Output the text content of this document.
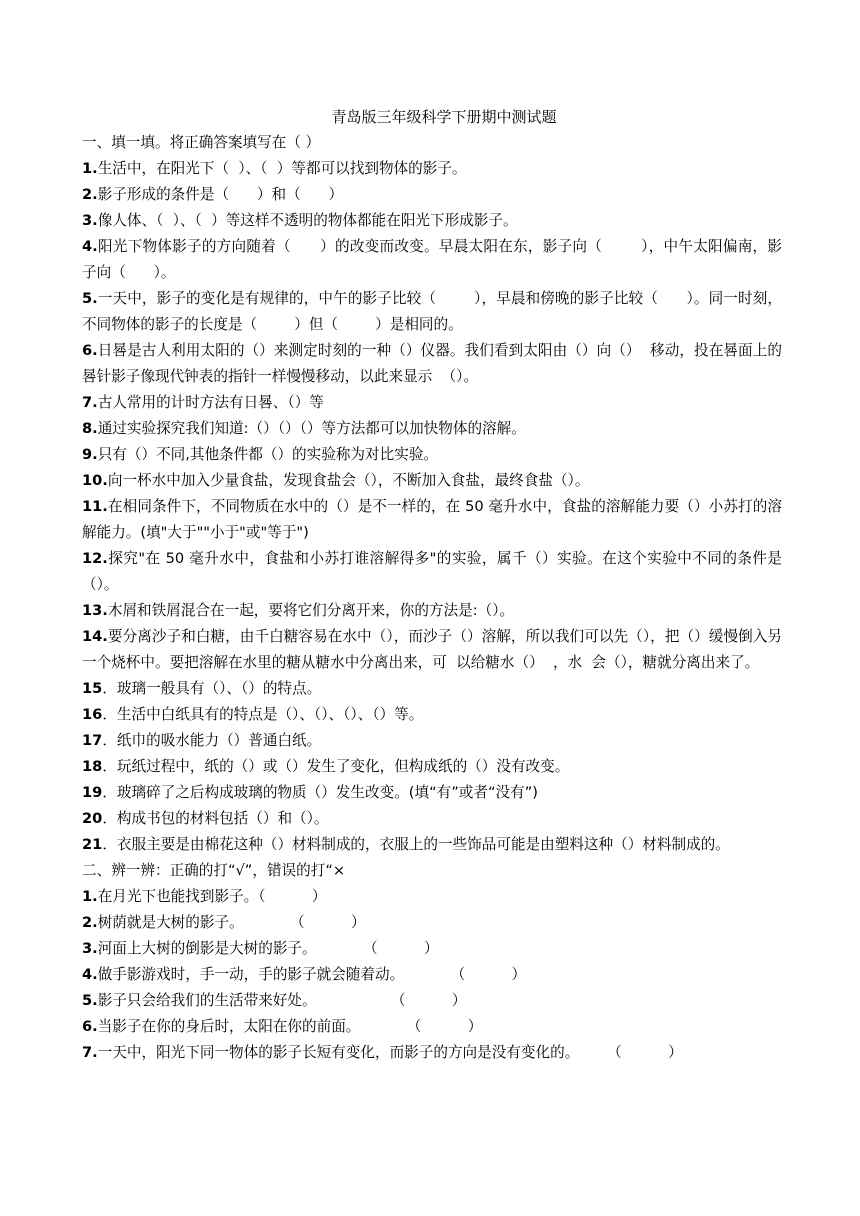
青岛版三年级科学下册期中测试题
一、填一填。将正确答案填写在（ ）
1.生活中，在阳光下（  ）、（  ）等都可以找到物体的影子。
2.影子形成的条件是（      ）和（      ）
3.像人体、（  ）、（  ）等这样不透明的物体都能在阳光下形成影子。
4.阳光下物体影子的方向随着（      ）的改变而改变。早晨太阳在东，影子向（        ），中午太阳偏南，影子向（      ）。
5.一天中，影子的变化是有规律的，中午的影子比较（        ），早晨和傍晚的影子比较（      ）。同一时刻，不同物体的影子的长度是（        ）但（        ）是相同的。
6.日晷是古人利用太阳的（）来测定时刻的一种（）仪器。我们看到太阳由（）向（）  移动，投在晷面上的晷针影子像现代钟表的指针一样慢慢移动，以此来显示  （）。
7.古人常用的计时方法有日晷、（）等
8.通过实验探究我们知道:（）（）（）等方法都可以加快物体的溶解。
9.只有（）不同,其他条件都（）的实验称为对比实验。
10.向一杯水中加入少量食盐，发现食盐会（），不断加入食盐，最终食盐（）。
11.在相同条件下，不同物质在水中的（）是不一样的，在 50 毫升水中，食盐的溶解能力要（）小苏打的溶解能力。(填"大于""小于"或"等于")
12.探究"在 50 毫升水中，食盐和小苏打谁溶解得多"的实验，属千（）实验。在这个实验中不同的条件是（）。
13.木屑和铁屑混合在一起，要将它们分离开来，你的方法是:（）。
14.要分离沙子和白糖，由千白糖容易在水中（），而沙子（）溶解，所以我们可以先（），把（）缓慢倒入另一个烧杯中。要把溶解在水里的糖从糖水中分离出来，可  以给糖水（）  ，水  会（），糖就分离出来了。
15．玻璃一般具有（）、（）的特点。
16．生活中白纸具有的特点是（）、（）、（）、（）等。
17．纸巾的吸水能力（）普通白纸。
18．玩纸过程中，纸的（）或（）发生了变化，但构成纸的（）没有改变。
19．玻璃碎了之后构成玻璃的物质（）发生改变。(填“有”或者“没有”)
20．构成书包的材料包括（）和（）。
21．衣服主要是由棉花这种（）材料制成的，衣服上的一些饰品可能是由塑料这种（）材料制成的。
二、辨一辨：正确的打“√”，错误的打“×
1.在月光下也能找到影子。（          ）
2.树荫就是大树的影子。          （          ）
3.河面上大树的倒影是大树的影子。          （          ）
4.做手影游戏时，手一动，手的影子就会随着动。          （          ）
5.影子只会给我们的生活带来好处。                （          ）
6.当影子在你的身后时，太阳在你的前面。          （          ）
7.一天中，阳光下同一物体的影子长短有变化，而影子的方向是没有变化的。      （          ）
